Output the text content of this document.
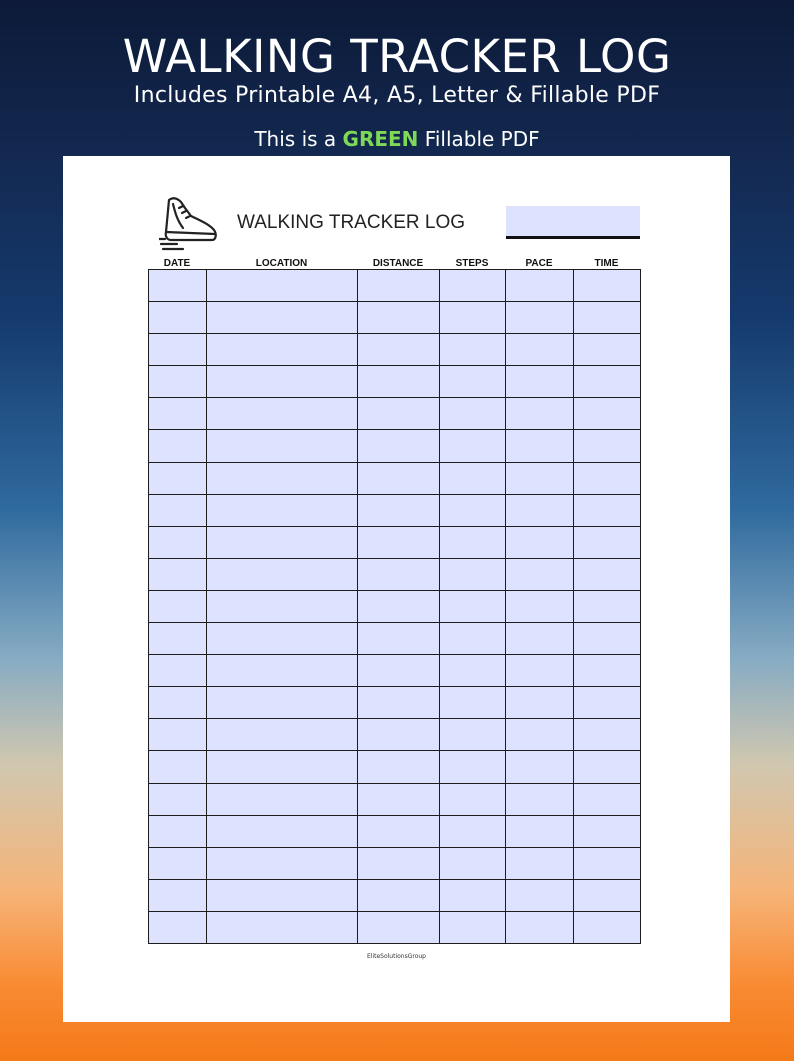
WALKING TRACKER LOG
Includes Printable A4, A5, Letter & Fillable PDF
This is a GREEN Fillable PDF
WALKING TRACKER LOG
DATE	LOCATION	DISTANCE	STEPS	PACE	TIME

EliteSolutionsGroup
